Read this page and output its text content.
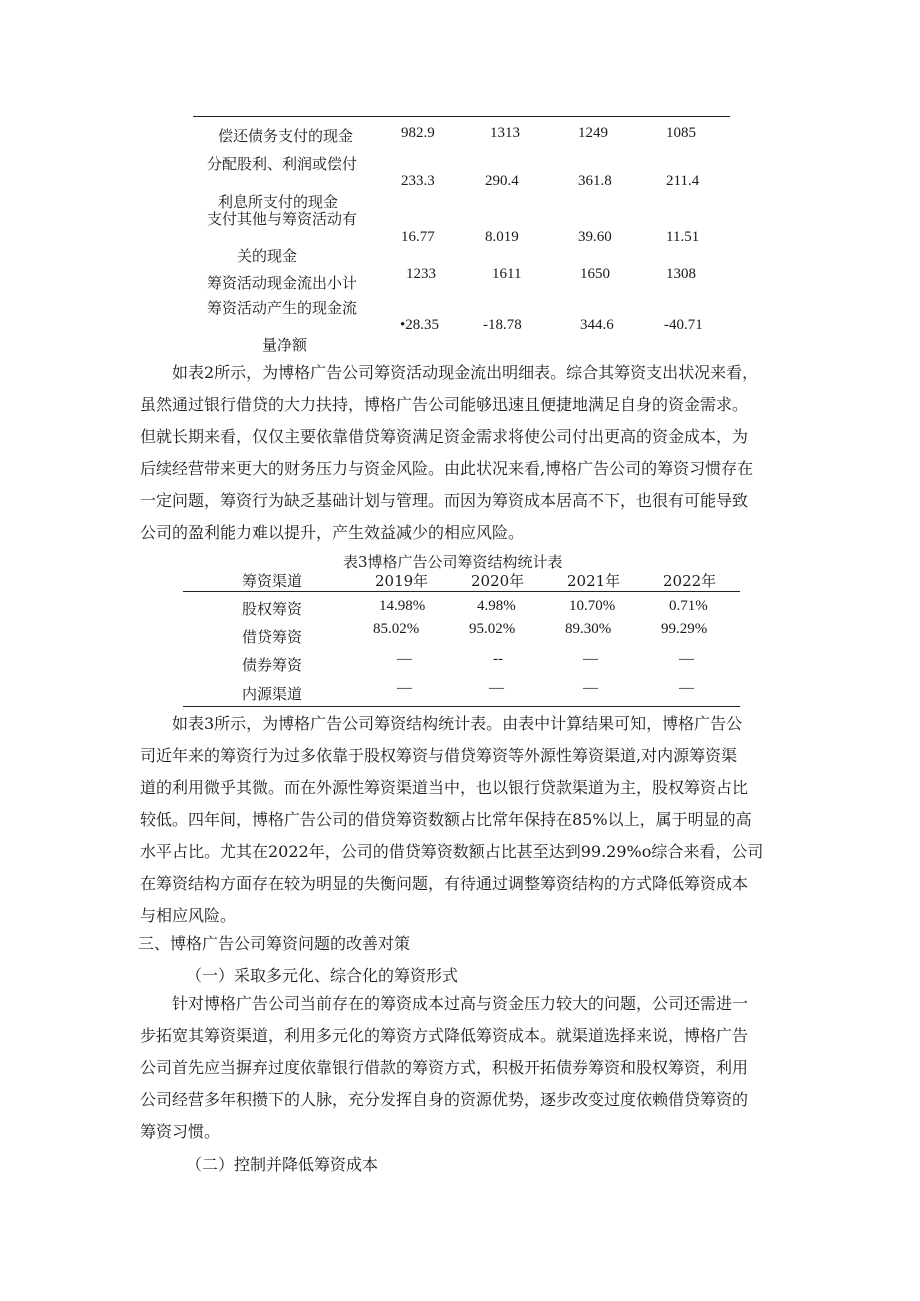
偿还债务支付的现金	982.9	1313	1249	1085
分配股利、利润或偿付
利息所支付的现金
233.3	290.4	361.8	211.4
支付其他与筹资活动有
关的现金
16.77	8.019	39.60	11.51
筹资活动现金流出小计	1233	1611	1650	1308
筹资活动产生的现金流
量净额
•28.35	-18.78	344.6	-40.71
如表2所示，为博格广告公司筹资活动现金流出明细表。综合其筹资支出状况来看，
虽然通过银行借贷的大力扶持，博格广告公司能够迅速且便捷地满足自身的资金需求。
但就长期来看，仅仅主要依靠借贷筹资满足资金需求将使公司付出更高的资金成本，为
后续经营带来更大的财务压力与资金风险。由此状况来看,博格广告公司的筹资习惯存在
一定问题，筹资行为缺乏基础计划与管理。而因为筹资成本居高不下，也很有可能导致
公司的盈利能力难以提升，产生效益减少的相应风险。
表3博格广告公司筹资结构统计表
筹资渠道	2019年	2020年	2021年	2022年
股权筹资	14.98%	4.98%	10.70%	0.71%
借贷筹资	85.02%	95.02%	89.30%	99.29%
债券筹资	—	--	—	—
内源渠道	—	—	—	—
如表3所示，为博格广告公司筹资结构统计表。由表中计算结果可知，博格广告公
司近年来的筹资行为过多依靠于股权筹资与借贷筹资等外源性筹资渠道,对内源筹资渠
道的利用微乎其微。而在外源性筹资渠道当中，也以银行贷款渠道为主，股权筹资占比
较低。四年间，博格广告公司的借贷筹资数额占比常年保持在85%以上，属于明显的高
水平占比。尤其在2022年，公司的借贷筹资数额占比甚至达到99.29%o综合来看，公司
在筹资结构方面存在较为明显的失衡问题，有待通过调整筹资结构的方式降低筹资成本
与相应风险。
三、博格广告公司筹资问题的改善对策
（一）采取多元化、综合化的筹资形式
针对博格广告公司当前存在的筹资成本过高与资金压力较大的问题，公司还需进一
步拓宽其筹资渠道，利用多元化的筹资方式降低筹资成本。就渠道选择来说，博格广告
公司首先应当摒弃过度依靠银行借款的筹资方式，积极开拓债券筹资和股权筹资，利用
公司经营多年积攒下的人脉，充分发挥自身的资源优势，逐步改变过度依赖借贷筹资的
筹资习惯。
（二）控制并降低筹资成本
